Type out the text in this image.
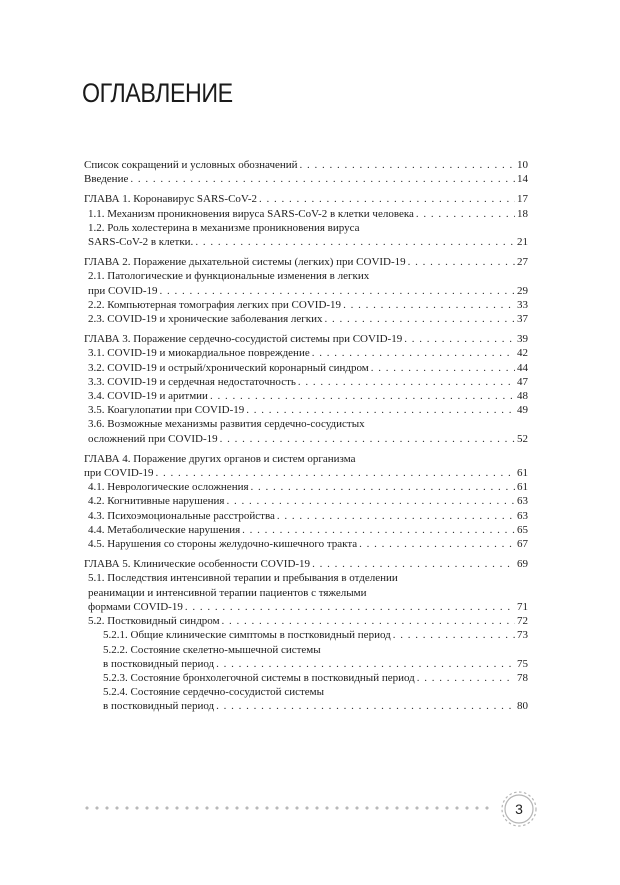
ОГЛАВЛЕНИЕ
Список сокращений и условных обозначений . . .	10
Введение . . .	14
ГЛАВА 1. Коронавирус SARS-CoV-2 . . .	17
1.1. Механизм проникновения вируса SARS-CoV-2 в клетки человека . . .	18
1.2. Роль холестерина в механизме проникновения вируса
SARS-CoV-2 в клетки. . . .	21
ГЛАВА 2. Поражение дыхательной системы (легких) при COVID-19 . . .	27
2.1. Патологические и функциональные изменения в легких
при COVID-19 . . .	29
2.2. Компьютерная томография легких при COVID-19 . . .	33
2.3. COVID-19 и хронические заболевания легких . . .	37
ГЛАВА 3. Поражение сердечно-сосудистой системы при COVID-19 . . .	39
3.1. COVID-19 и миокардиальное повреждение . . .	42
3.2. COVID-19 и острый/хронический коронарный синдром . . .	44
3.3. COVID-19 и сердечная недостаточность . . .	47
3.4. COVID-19 и аритмии . . .	48
3.5. Коагулопатии при COVID-19 . . .	49
3.6. Возможные механизмы развития сердечно-сосудистых
осложнений при COVID-19 . . .	52
ГЛАВА 4. Поражение других органов и систем организма
при COVID-19 . . .	61
4.1. Неврологические осложнения . . .	61
4.2. Когнитивные нарушения . . .	63
4.3. Психоэмоциональные расстройства . . .	63
4.4. Метаболические нарушения . . .	65
4.5. Нарушения со стороны желудочно-кишечного тракта . . .	67
ГЛАВА 5. Клинические особенности COVID-19 . . .	69
5.1. Последствия интенсивной терапии и пребывания в отделении
реанимации и интенсивной терапии пациентов с тяжелыми
формами COVID-19 . . .	71
5.2. Постковидный синдром . . .	72
5.2.1. Общие клинические симптомы в постковидный период . . .	73
5.2.2. Состояние скелетно-мышечной системы
в постковидный период . . .	75
5.2.3. Состояние бронхолегочной системы в постковидный период . . .	78
5.2.4. Состояние сердечно-сосудистой системы
в постковидный период . . .	80
3
